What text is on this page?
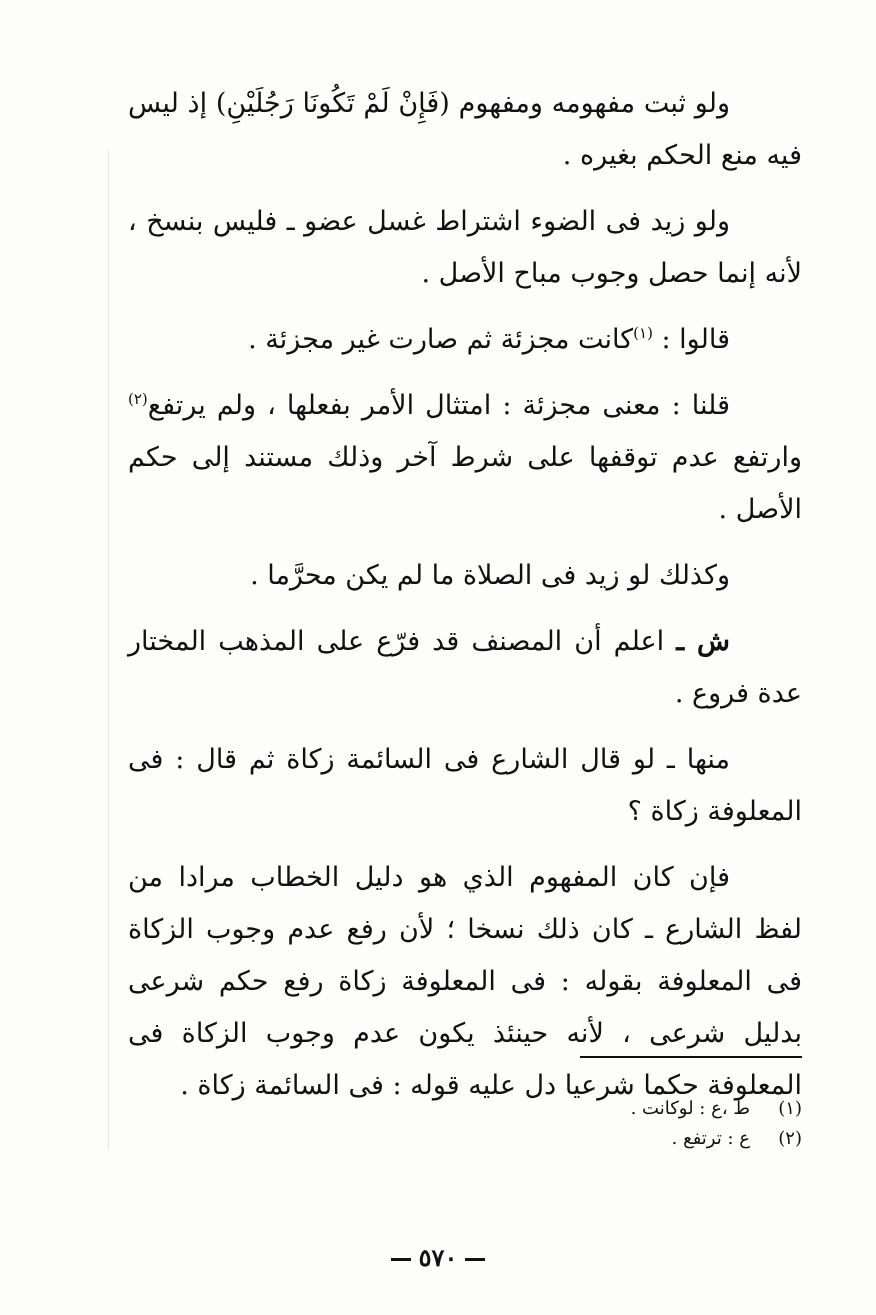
ولو ثبت مفهومه ومفهوم (فَإِنْ لَمْ تَكُونَا رَجُلَيْنِ) إذ ليس فيه منع الحكم بغيره .

ولو زيد فى الضوء اشتراط غسل عضو ـ فليس بنسخ ، لأنه إنما حصل وجوب مباح الأصل .

قالوا : $^{(١)}$كانت مجزئة ثم صارت غير مجزئة .

قلنا : معنى مجزئة : امتثال الأمر بفعلها ، ولم يرتفع$^{(٢)}$ وارتفع عدم توقفها على شرط آخر وذلك مستند إلى حكم الأصل .

وكذلك لو زيد فى الصلاة ما لم يكن محرَّما .

ش ـ اعلم أن المصنف قد فرّع على المذهب المختار عدة فروع .

منها ـ لو قال الشارع فى السائمة زكاة ثم قال : فى المعلوفة زكاة ؟

فإن كان المفهوم الذي هو دليل الخطاب مرادا من لفظ الشارع ـ كان ذلك نسخا ؛ لأن رفع عدم وجوب الزكاة فى المعلوفة بقوله : فى المعلوفة زكاة رفع حكم شرعى بدليل شرعى ، لأنه حينئذ يكون عدم وجوب الزكاة فى المعلوفة حكما شرعيا دل عليه قوله : فى السائمة زكاة .

(١)
ط ،ع : لوكانت .
(٢)
ع : ترتفع .
٥٧٠
